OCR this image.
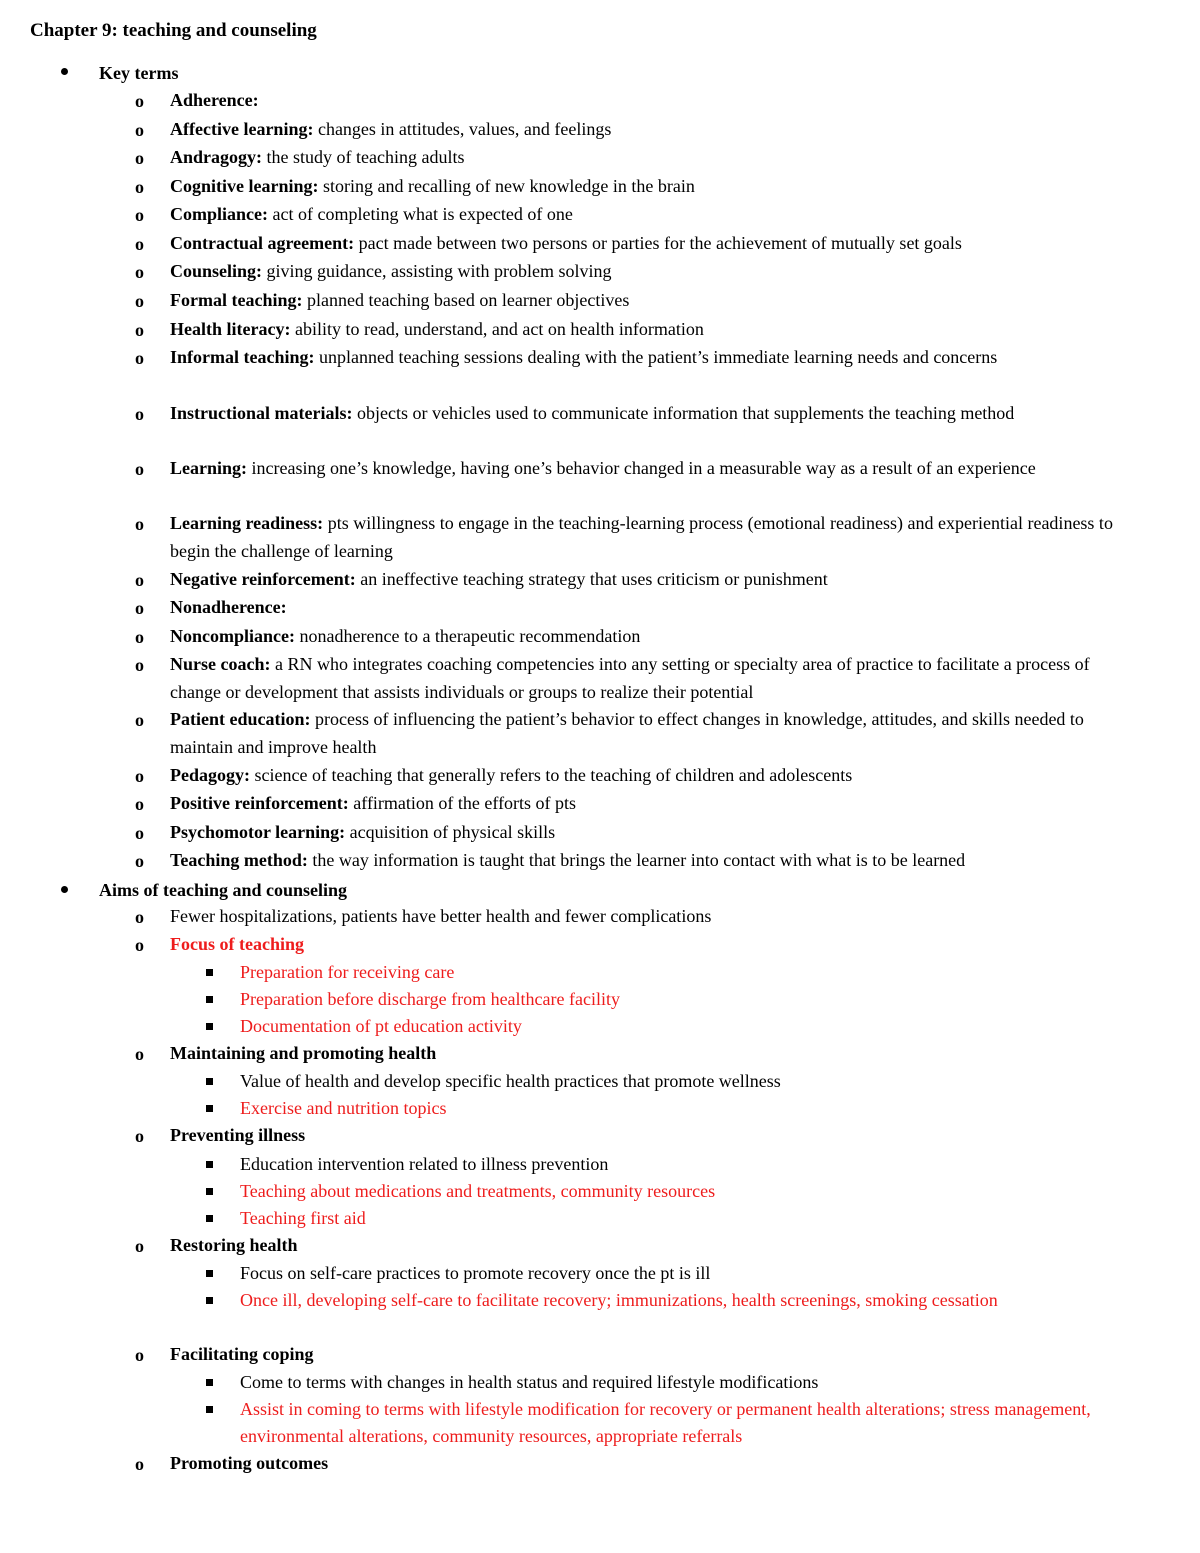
Chapter 9: teaching and counseling
Key terms
o Adherence:
o Affective learning: changes in attitudes, values, and feelings
o Andragogy: the study of teaching adults
o Cognitive learning: storing and recalling of new knowledge in the brain
o Compliance: act of completing what is expected of one
o Contractual agreement: pact made between two persons or parties for the achievement of mutually set goals
o Counseling: giving guidance, assisting with problem solving
o Formal teaching: planned teaching based on learner objectives
o Health literacy: ability to read, understand, and act on health information
o Informal teaching: unplanned teaching sessions dealing with the patient’s immediate learning needs and concerns
o Instructional materials: objects or vehicles used to communicate information that supplements the teaching method
o Learning: increasing one’s knowledge, having one’s behavior changed in a measurable way as a result of an experience
o Learning readiness: pts willingness to engage in the teaching-learning process (emotional readiness) and experiential readiness to begin the challenge of learning
o Negative reinforcement: an ineffective teaching strategy that uses criticism or punishment
o Nonadherence:
o Noncompliance: nonadherence to a therapeutic recommendation
o Nurse coach: a RN who integrates coaching competencies into any setting or specialty area of practice to facilitate a process of change or development that assists individuals or groups to realize their potential
o Patient education: process of influencing the patient’s behavior to effect changes in knowledge, attitudes, and skills needed to maintain and improve health
o Pedagogy: science of teaching that generally refers to the teaching of children and adolescents
o Positive reinforcement: affirmation of the efforts of pts
o Psychomotor learning: acquisition of physical skills
o Teaching method: the way information is taught that brings the learner into contact with what is to be learned
Aims of teaching and counseling
o Fewer hospitalizations, patients have better health and fewer complications
o Focus of teaching
Preparation for receiving care
Preparation before discharge from healthcare facility
Documentation of pt education activity
o Maintaining and promoting health
Value of health and develop specific health practices that promote wellness
Exercise and nutrition topics
o Preventing illness
Education intervention related to illness prevention
Teaching about medications and treatments, community resources
Teaching first aid
o Restoring health
Focus on self-care practices to promote recovery once the pt is ill
Once ill, developing self-care to facilitate recovery; immunizations, health screenings, smoking cessation
o Facilitating coping
Come to terms with changes in health status and required lifestyle modifications
Assist in coming to terms with lifestyle modification for recovery or permanent health alterations; stress management, environmental alterations, community resources, appropriate referrals
o Promoting outcomes
